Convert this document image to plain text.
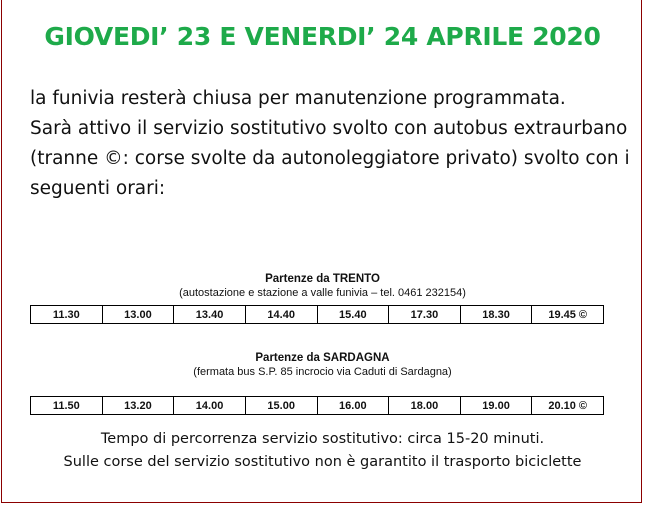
GIOVEDI’ 23 E VENERDI’ 24 APRILE 2020
la funivia resterà chiusa per manutenzione programmata.
Sarà attivo il servizio sostitutivo svolto con autobus extraurbano
(tranne ©: corse svolte da autonoleggiatore privato) svolto con i
seguenti orari:
Partenze da TRENTO
(autostazione e stazione a valle funivia – tel. 0461 232154)
11.30	13.00	13.40	14.40	15.40	17.30	18.30	19.45 ©
Partenze da SARDAGNA
(fermata bus S.P. 85 incrocio via Caduti di Sardagna)
11.50	13.20	14.00	15.00	16.00	18.00	19.00	20.10 ©
Tempo di percorrenza servizio sostitutivo: circa 15-20 minuti.
Sulle corse del servizio sostitutivo non è garantito il trasporto biciclette
